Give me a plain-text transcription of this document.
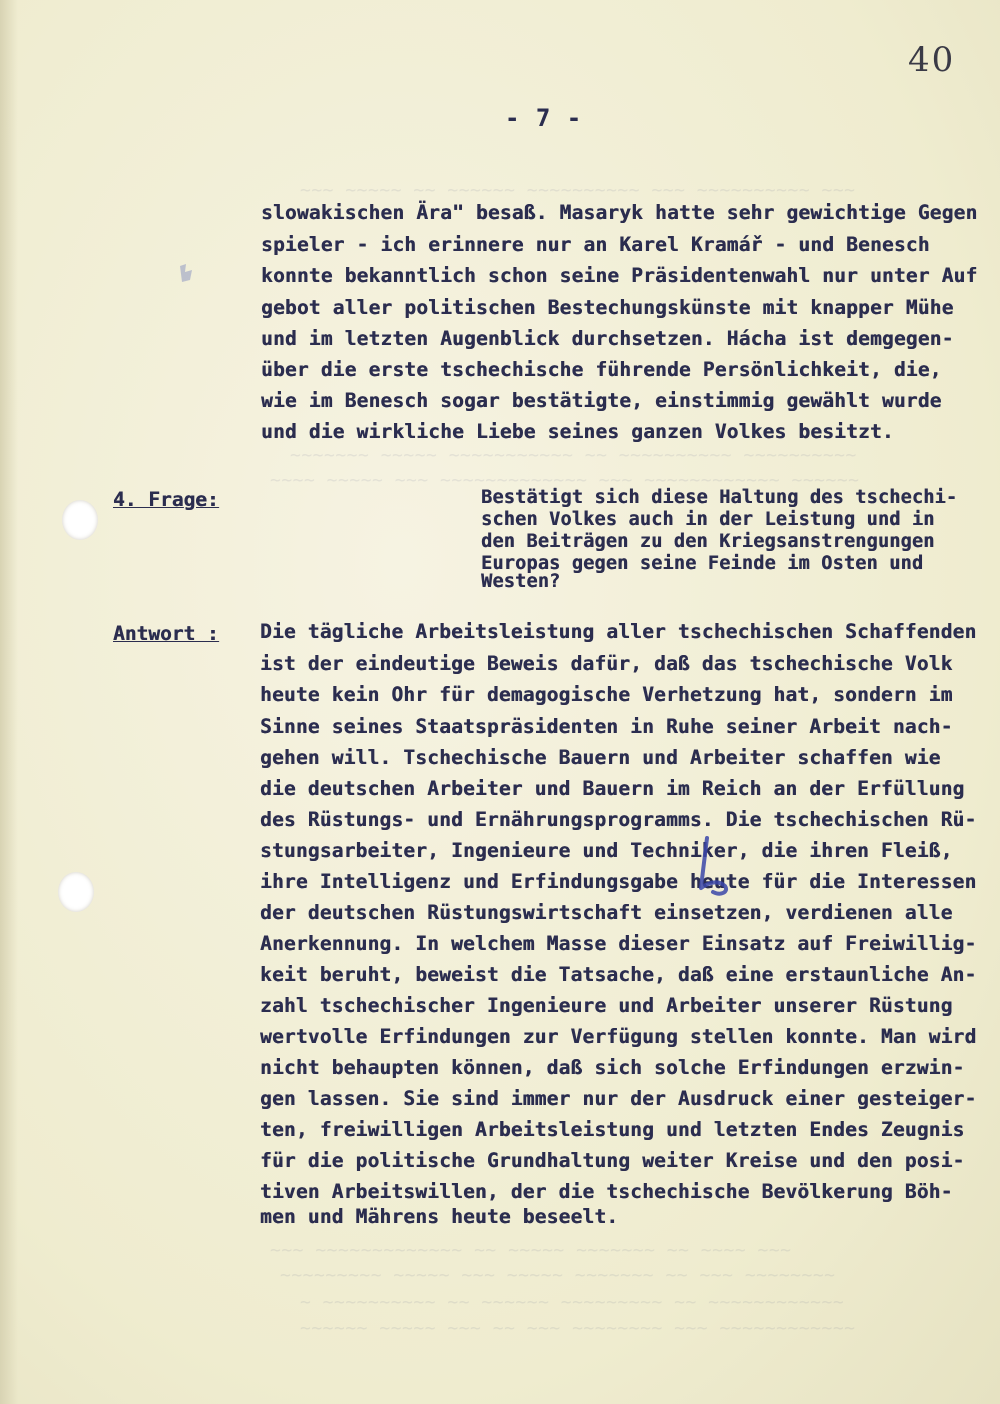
~~~ ~~~~~ ~~ ~~~~~~ ~~~~~~~~~~ ~~~ ~~~~~~~~~~ ~~~
~~~~~~~ ~~~~~ ~~~~~~~~~~~ ~~ ~~~~~~~~~~ ~~~~~~~~~~
~~~~ ~~~~~ ~~~ ~~~~~~~~~~~~~ ~~~ ~~~~~~~~~~~~ ~~~~~~
~~~ ~~~~~~~~~~~~~ ~~ ~~~~~ ~~~~~~~ ~~ ~~~~ ~~~
~~~~~~~~~ ~~~~~ ~~~ ~~~~~ ~~~~~~~ ~~ ~~~ ~~~~~~~~
~ ~~~~~~~~~~ ~~ ~~~~~~ ~~~~~~~~~ ~~ ~~~~~~~~~~~~
~~~~~~ ~~~~~ ~~~ ~~ ~~~ ~~~~~~~~ ~~~ ~~~~~~~~~~~~
40
- 7 -
slowakischen Ära" besaß. Masaryk hatte sehr gewichtige Gegen
spieler - ich erinnere nur an Karel Kramář - und Benesch
konnte bekanntlich schon seine Präsidentenwahl nur unter Auf
gebot aller politischen Bestechungskünste mit knapper Mühe
und im letzten Augenblick durchsetzen. Hácha ist demgegen-
über die erste tschechische führende Persönlichkeit, die,
wie im Benesch sogar bestätigte, einstimmig gewählt wurde
und die wirkliche Liebe seines ganzen Volkes besitzt.
4. Frage:	Bestätigt sich diese Haltung des tschechi-
schen Volkes auch in der Leistung und in
den Beiträgen zu den Kriegsanstrengungen
Europas gegen seine Feinde im Osten und
Westen?
Antwort : Die tägliche Arbeitsleistung aller tschechischen Schaffenden
ist der eindeutige Beweis dafür, daß das tschechische Volk
heute kein Ohr für demagogische Verhetzung hat, sondern im
Sinne seines Staatspräsidenten in Ruhe seiner Arbeit nach-
gehen will. Tschechische Bauern und Arbeiter schaffen wie
die deutschen Arbeiter und Bauern im Reich an der Erfüllung
des Rüstungs- und Ernährungsprogramms. Die tschechischen Rü-
stungsarbeiter, Ingenieure und Techniker, die ihren Fleiß,
ihre Intelligenz und Erfindungsgabe heute für die Interessen
der deutschen Rüstungswirtschaft einsetzen, verdienen alle
Anerkennung. In welchem Masse dieser Einsatz auf Freiwillig-
keit beruht, beweist die Tatsache, daß eine erstaunliche An-
zahl tschechischer Ingenieure und Arbeiter unserer Rüstung
wertvolle Erfindungen zur Verfügung stellen konnte. Man wird
nicht behaupten können, daß sich solche Erfindungen erzwin-
gen lassen. Sie sind immer nur der Ausdruck einer gesteiger-
ten, freiwilligen Arbeitsleistung und letzten Endes Zeugnis
für die politische Grundhaltung weiter Kreise und den posi-
tiven Arbeitswillen, der die tschechische Bevölkerung Böh-
men und Mährens heute beseelt.
